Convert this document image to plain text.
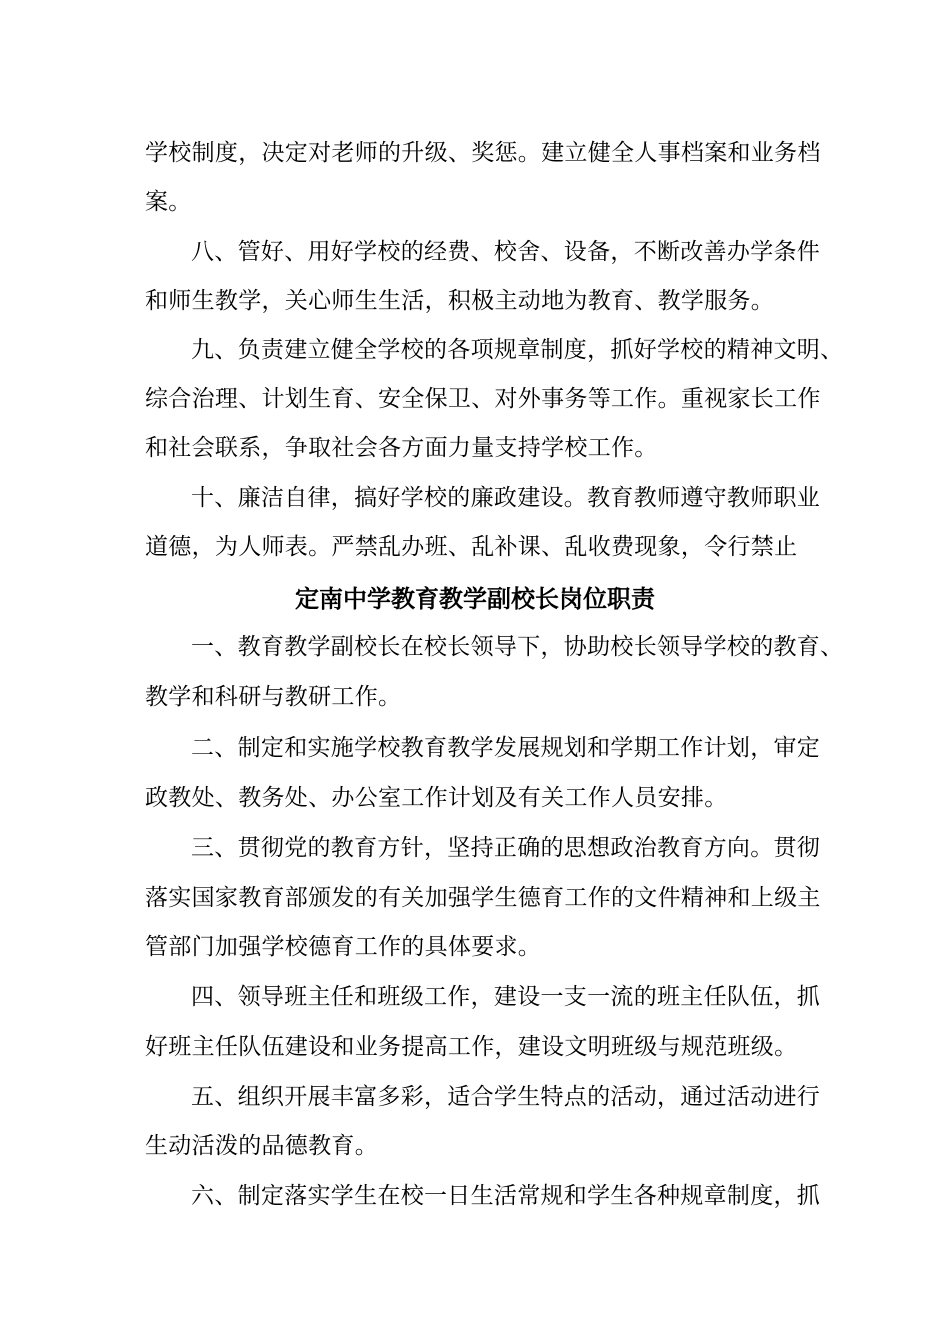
学校制度，决定对老师的升级、奖惩。建立健全人事档案和业务档
案。
八、管好、用好学校的经费、校舍、设备，不断改善办学条件
和师生教学，关心师生生活，积极主动地为教育、教学服务。
九、负责建立健全学校的各项规章制度，抓好学校的精神文明、
综合治理、计划生育、安全保卫、对外事务等工作。重视家长工作
和社会联系，争取社会各方面力量支持学校工作。
十、廉洁自律，搞好学校的廉政建设。教育教师遵守教师职业
道德，为人师表。严禁乱办班、乱补课、乱收费现象，令行禁止
定南中学教育教学副校长岗位职责
一、教育教学副校长在校长领导下，协助校长领导学校的教育、
教学和科研与教研工作。
二、制定和实施学校教育教学发展规划和学期工作计划，审定
政教处、教务处、办公室工作计划及有关工作人员安排。
三、贯彻党的教育方针，坚持正确的思想政治教育方向。贯彻
落实国家教育部颁发的有关加强学生德育工作的文件精神和上级主
管部门加强学校德育工作的具体要求。
四、领导班主任和班级工作，建设一支一流的班主任队伍，抓
好班主任队伍建设和业务提高工作，建设文明班级与规范班级。
五、组织开展丰富多彩，适合学生特点的活动，通过活动进行
生动活泼的品德教育。
六、制定落实学生在校一日生活常规和学生各种规章制度，抓
